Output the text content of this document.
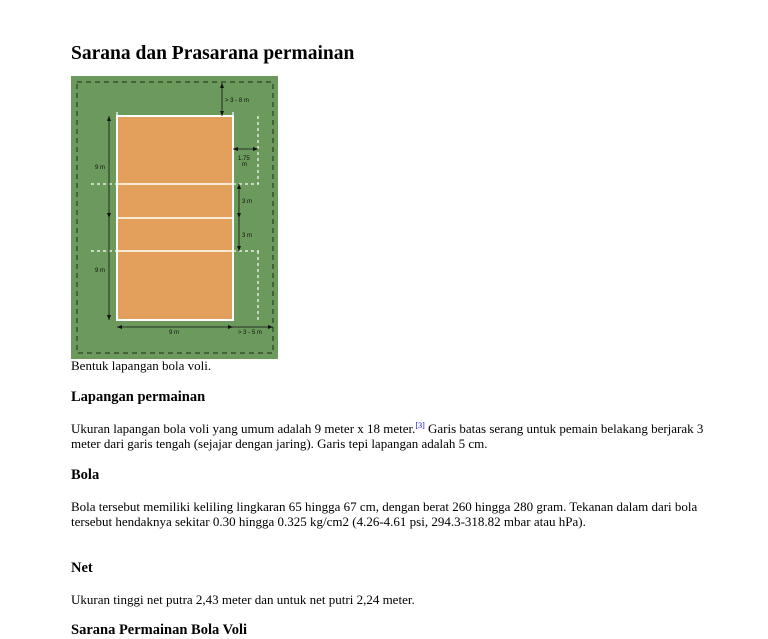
Sarana dan Prasarana permainan
> 3 - 8 m
9 m
9 m
1.75
m
3 m
3 m
9 m	> 3 - 5 m
Bentuk lapangan bola voli.
Lapangan permainan

Ukuran lapangan bola voli yang umum adalah 9 meter x 18 meter.[3] Garis batas serang untuk pemain belakang berjarak 3 meter dari garis tengah (sejajar dengan jaring). Garis tepi lapangan adalah 5 cm.

Bola

Bola tersebut memiliki keliling lingkaran 65 hingga 67 cm, dengan berat 260 hingga 280 gram. Tekanan dalam dari bola tersebut hendaknya sekitar 0.30 hingga 0.325 kg/cm2 (4.26-4.61 psi, 294.3-318.82 mbar atau hPa).

Net

Ukuran tinggi net putra 2,43 meter dan untuk net putri 2,24 meter.

Sarana Permainan Bola Voli
